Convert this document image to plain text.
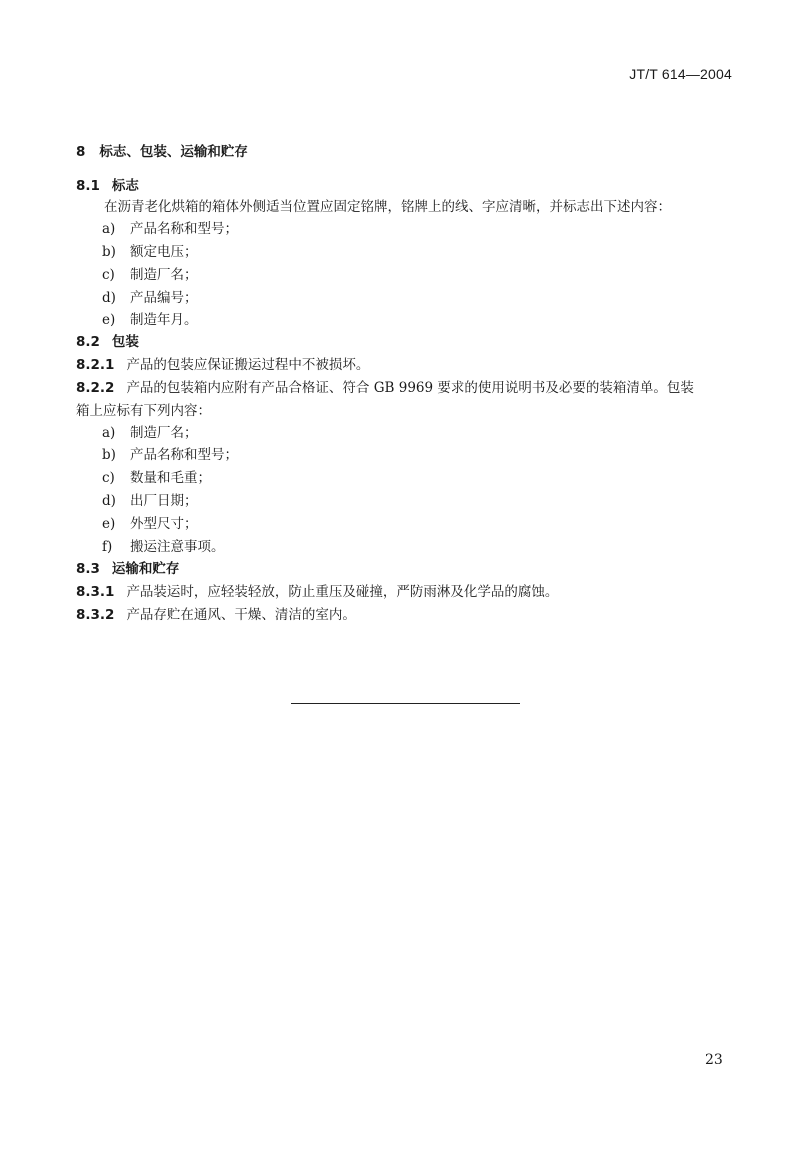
JT/T 614—2004
8 标志、包装、运输和贮存
8.1 标志
在沥青老化烘箱的箱体外侧适当位置应固定铭牌，铭牌上的线、字应清晰，并标志出下述内容：
a) 产品名称和型号；
b) 额定电压；
c) 制造厂名；
d) 产品编号；
e) 制造年月。
8.2 包装
8.2.1 产品的包装应保证搬运过程中不被损坏。
8.2.2 产品的包装箱内应附有产品合格证、符合 GB 9969 要求的使用说明书及必要的装箱清单。包装
箱上应标有下列内容：
a) 制造厂名；
b) 产品名称和型号；
c) 数量和毛重；
d) 出厂日期；
e) 外型尺寸；
f) 搬运注意事项。
8.3 运输和贮存
8.3.1 产品装运时，应轻装轻放，防止重压及碰撞，严防雨淋及化学品的腐蚀。
8.3.2 产品存贮在通风、干燥、清洁的室内。
23
